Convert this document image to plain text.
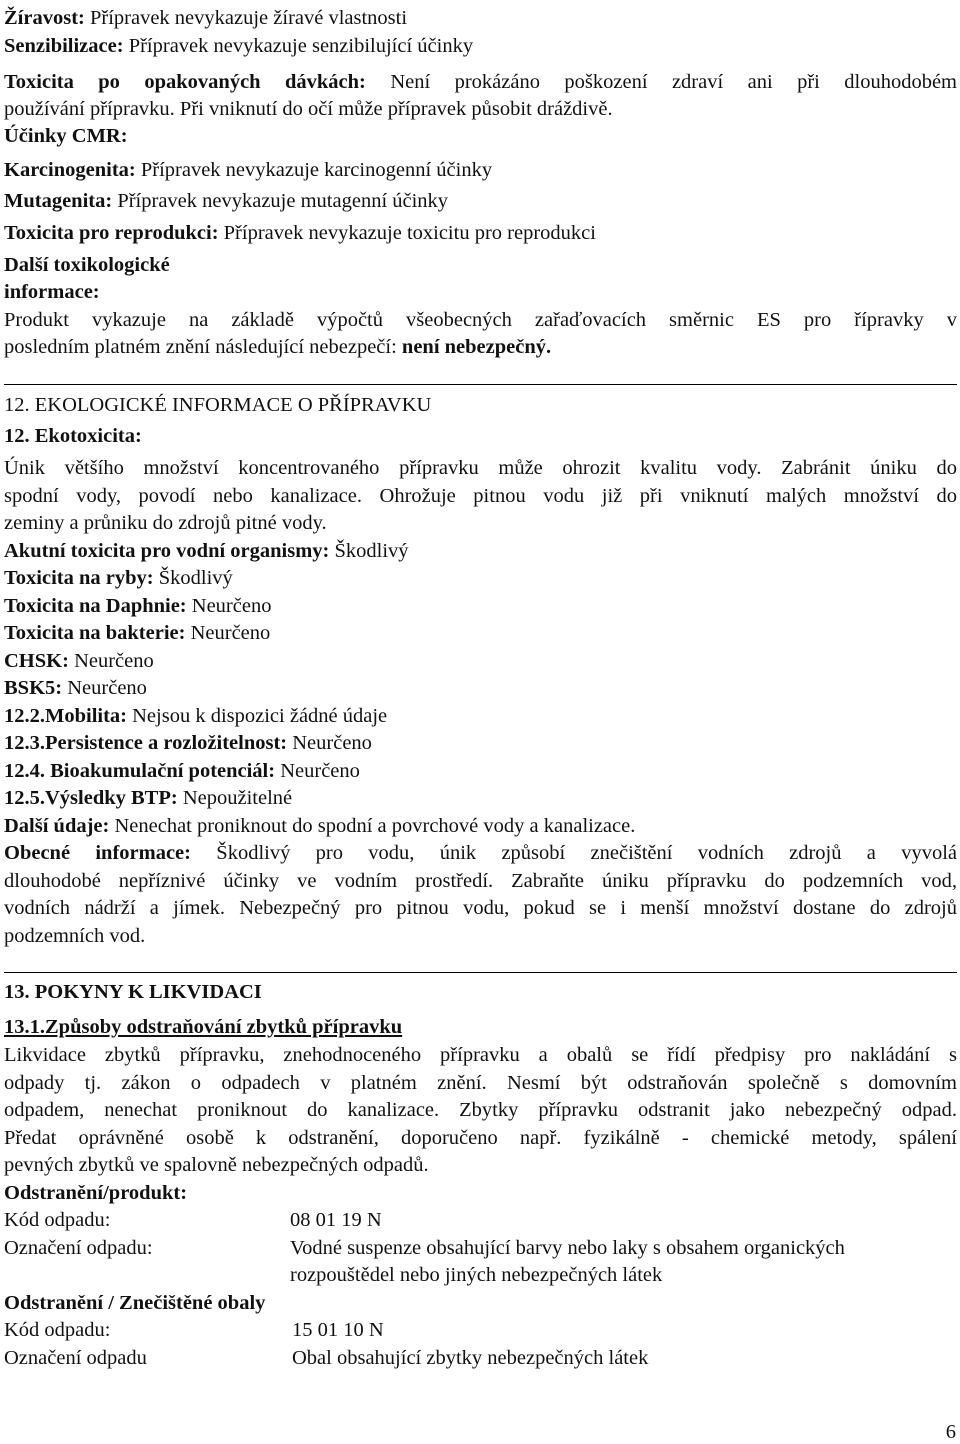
Žíravost: Přípravek nevykazuje žíravé vlastnosti
Senzibilizace: Přípravek nevykazuje senzibilující účinky
Toxicita po opakovaných dávkách: Není prokázáno poškození zdraví ani při dlouhodobém
používání přípravku. Při vniknutí do očí může přípravek působit dráždivě.
Účinky CMR:
Karcinogenita: Přípravek nevykazuje karcinogenní účinky
Mutagenita: Přípravek nevykazuje mutagenní účinky
Toxicita pro reprodukci: Přípravek nevykazuje toxicitu pro reprodukci
Další toxikologické
informace:
Produkt vykazuje na základě výpočtů všeobecných zařaďovacích směrnic ES pro řípravky v
posledním platném znění následující nebezpečí: není nebezpečný.
12. EKOLOGICKÉ INFORMACE O PŘÍPRAVKU
12. Ekotoxicita:
Únik většího množství koncentrovaného přípravku může ohrozit kvalitu vody. Zabránit úniku do
spodní vody, povodí nebo kanalizace. Ohrožuje pitnou vodu již při vniknutí malých množství do
zeminy a průniku do zdrojů pitné vody.
Akutní toxicita pro vodní organismy: Škodlivý
Toxicita na ryby: Škodlivý
Toxicita na Daphnie: Neurčeno
Toxicita na bakterie: Neurčeno
CHSK: Neurčeno
BSK5: Neurčeno
12.2.Mobilita: Nejsou k dispozici žádné údaje
12.3.Persistence a rozložitelnost: Neurčeno
12.4. Bioakumulační potenciál: Neurčeno
12.5.Výsledky BTP: Nepoužitelné
Další údaje: Nenechat proniknout do spodní a povrchové vody a kanalizace.
Obecné informace: Škodlivý pro vodu, únik způsobí znečištění vodních zdrojů a vyvolá
dlouhodobé nepříznivé účinky ve vodním prostředí. Zabraňte úniku přípravku do podzemních vod,
vodních nádrží a jímek. Nebezpečný pro pitnou vodu, pokud se i menší množství dostane do zdrojů
podzemních vod.
13. POKYNY K LIKVIDACI
13.1.Způsoby odstraňování zbytků přípravku
Likvidace zbytků přípravku, znehodnoceného přípravku a obalů se řídí předpisy pro nakládání s
odpady tj. zákon o odpadech v platném znění. Nesmí být odstraňován společně s domovním
odpadem, nenechat proniknout do kanalizace. Zbytky přípravku odstranit jako nebezpečný odpad.
Předat oprávněné osobě k odstranění, doporučeno např. fyzikálně - chemické metody, spálení
pevných zbytků ve spalovně nebezpečných odpadů.
Odstranění/produkt:
Kód odpadu:	08 01 19 N
Označení odpadu:	Vodné suspenze obsahující barvy nebo laky s obsahem organických
rozpouštědel nebo jiných nebezpečných látek
Odstranění / Znečištěné obaly
Kód odpadu:	15 01 10 N
Označení odpadu	Obal obsahující zbytky nebezpečných látek
6
